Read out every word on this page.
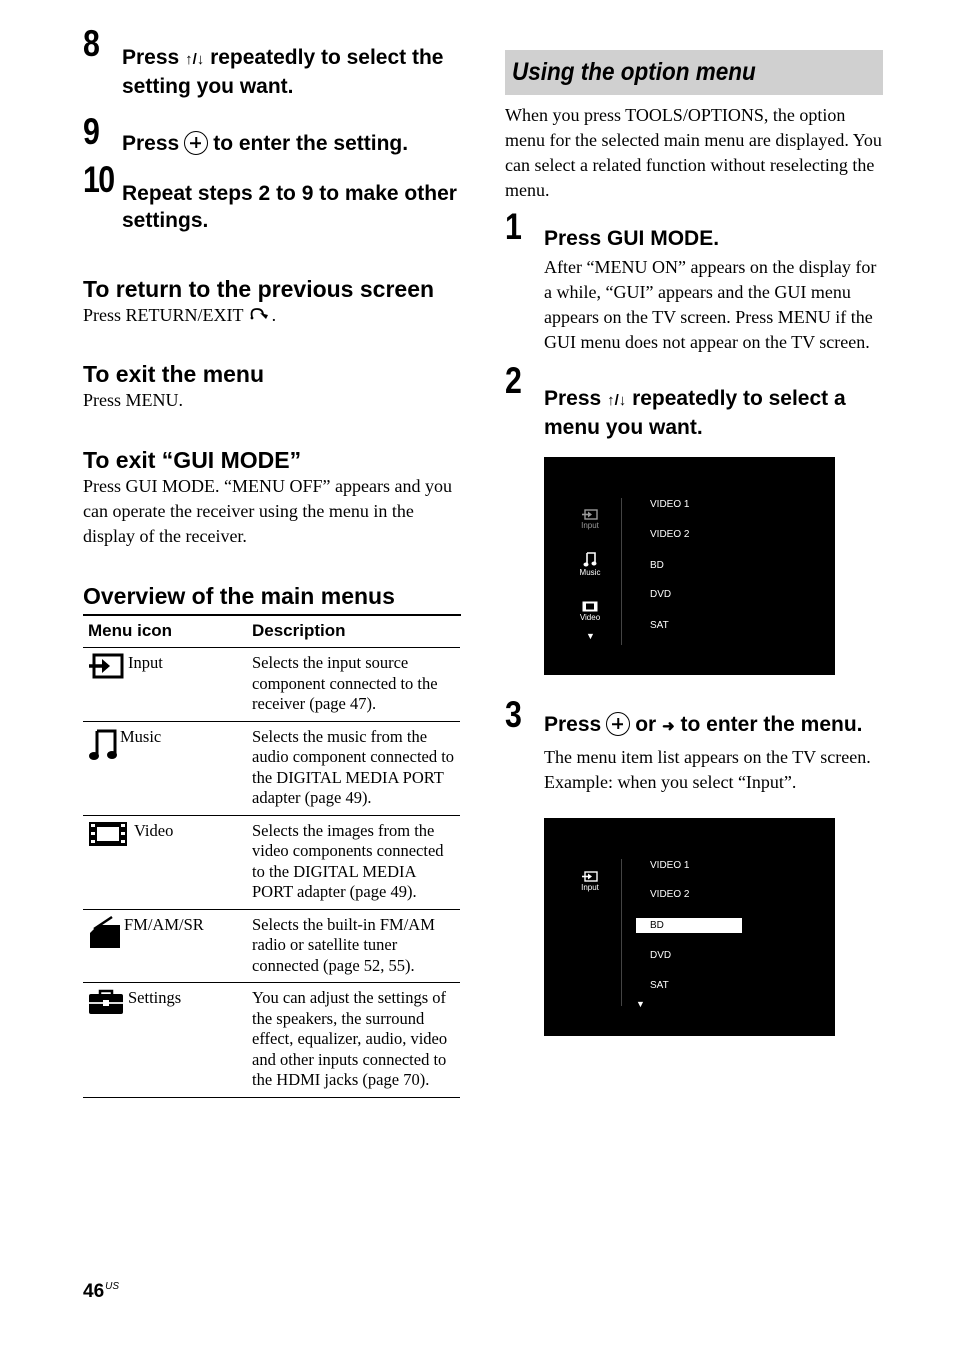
8 Press ↑/↓ repeatedly to select the setting you want.
9 Press to enter the setting.
10 Repeat steps 2 to 9 to make other settings.
To return to the previous screen

Press RETURN/EXIT .

To exit the menu

Press MENU.

To exit “GUI MODE”

Press GUI MODE. “MENU OFF” appears and you can operate the receiver using the menu in the display of the receiver.

Overview of the main menus
Menu icon	Description
Input	Selects the input source component connected to the receiver (page 47).
Music	Selects the music from the audio component connected to the DIGITAL MEDIA PORT adapter (page 49).
Video	Selects the images from the video components connected to the DIGITAL MEDIA PORT adapter (page 49).
FM/AM/SR	Selects the built-in FM/AM radio or satellite tuner connected (page 52, 55).
Settings	You can adjust the settings of the speakers, the surround effect, equalizer, audio, video and other inputs connected to the HDMI jacks (page 70).
Using the option menu

When you press TOOLS/OPTIONS, the option menu for the selected main menu are displayed. You can select a related function without reselecting the menu.

1 Press GUI MODE.

After “MENU ON” appears on the display for a while, “GUI” appears and the GUI menu appears on the TV screen. Press MENU if the GUI menu does not appear on the TV screen.

2 Press ↑/↓ repeatedly to select a menu you want.
Input
Music
Video
▼
VIDEO 1
VIDEO 2
BD
DVD
SAT
3 Press or ➜ to enter the menu.

The menu item list appears on the TV screen.

Example: when you select “Input”.

Input
VIDEO 1
VIDEO 2
BD
DVD
SAT
▼
$46^{US}$
